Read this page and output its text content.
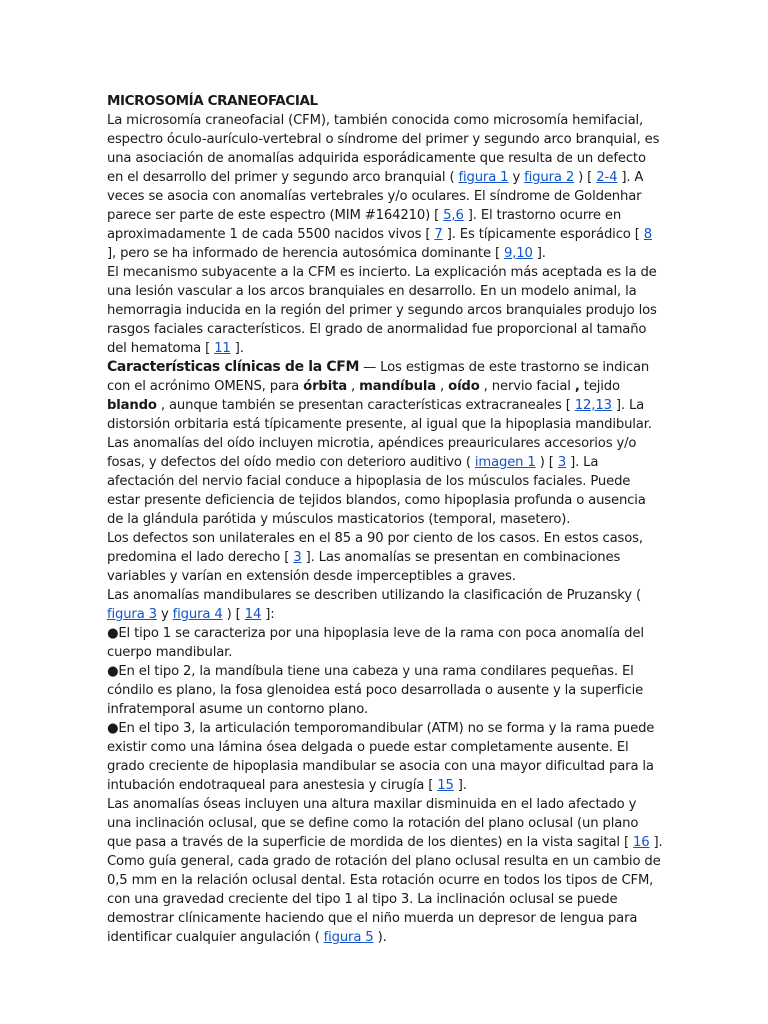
MICROSOMÍA CRANEOFACIAL

La microsomía craneofacial (CFM), también conocida como microsomía hemifacial, espectro óculo-aurículo-vertebral o síndrome del primer y segundo arco branquial, es una asociación de anomalías adquirida esporádicamente que resulta de un defecto en el desarrollo del primer y segundo arco branquial ( figura 1 y figura 2 ) [ 2-4 ]. A veces se asocia con anomalías vertebrales y/o oculares. El síndrome de Goldenhar parece ser parte de este espectro (MIM #164210) [ 5,6 ]. El trastorno ocurre en aproximadamente 1 de cada 5500 nacidos vivos [ 7 ]. Es típicamente esporádico [ 8 ], pero se ha informado de herencia autosómica dominante [ 9,10 ].

El mecanismo subyacente a la CFM es incierto. La explicación más aceptada es la de una lesión vascular a los arcos branquiales en desarrollo. En un modelo animal, la hemorragia inducida en la región del primer y segundo arcos branquiales produjo los rasgos faciales característicos. El grado de anormalidad fue proporcional al tamaño del hematoma [ 11 ].

Características clínicas de la CFM — Los estigmas de este trastorno se indican con el acrónimo OMENS, para órbita , mandíbula , oído , nervio facial , tejido blando , aunque también se presentan características extracraneales [ 12,13 ]. La distorsión orbitaria está típicamente presente, al igual que la hipoplasia mandibular. Las anomalías del oído incluyen microtia, apéndices preauriculares accesorios y/o fosas, y defectos del oído medio con deterioro auditivo ( imagen 1 ) [ 3 ]. La afectación del nervio facial conduce a hipoplasia de los músculos faciales. Puede estar presente deficiencia de tejidos blandos, como hipoplasia profunda o ausencia de la glándula parótida y músculos masticatorios (temporal, masetero).

Los defectos son unilaterales en el 85 a 90 por ciento de los casos. En estos casos, predomina el lado derecho [ 3 ]. Las anomalías se presentan en combinaciones variables y varían en extensión desde imperceptibles a graves.

Las anomalías mandibulares se describen utilizando la clasificación de Pruzansky ( figura 3 y figura 4 ) [ 14 ]:

●El tipo 1 se caracteriza por una hipoplasia leve de la rama con poca anomalía del cuerpo mandibular.

●En el tipo 2, la mandíbula tiene una cabeza y una rama condilares pequeñas. El cóndilo es plano, la fosa glenoidea está poco desarrollada o ausente y la superficie infratemporal asume un contorno plano.

●En el tipo 3, la articulación temporomandibular (ATM) no se forma y la rama puede existir como una lámina ósea delgada o puede estar completamente ausente. El grado creciente de hipoplasia mandibular se asocia con una mayor dificultad para la intubación endotraqueal para anestesia y cirugía [ 15 ].

Las anomalías óseas incluyen una altura maxilar disminuida en el lado afectado y una inclinación oclusal, que se define como la rotación del plano oclusal (un plano que pasa a través de la superficie de mordida de los dientes) en la vista sagital [ 16 ]. Como guía general, cada grado de rotación del plano oclusal resulta en un cambio de 0,5 mm en la relación oclusal dental. Esta rotación ocurre en todos los tipos de CFM, con una gravedad creciente del tipo 1 al tipo 3. La inclinación oclusal se puede demostrar clínicamente haciendo que el niño muerda un depresor de lengua para identificar cualquier angulación ( figura 5 ).
